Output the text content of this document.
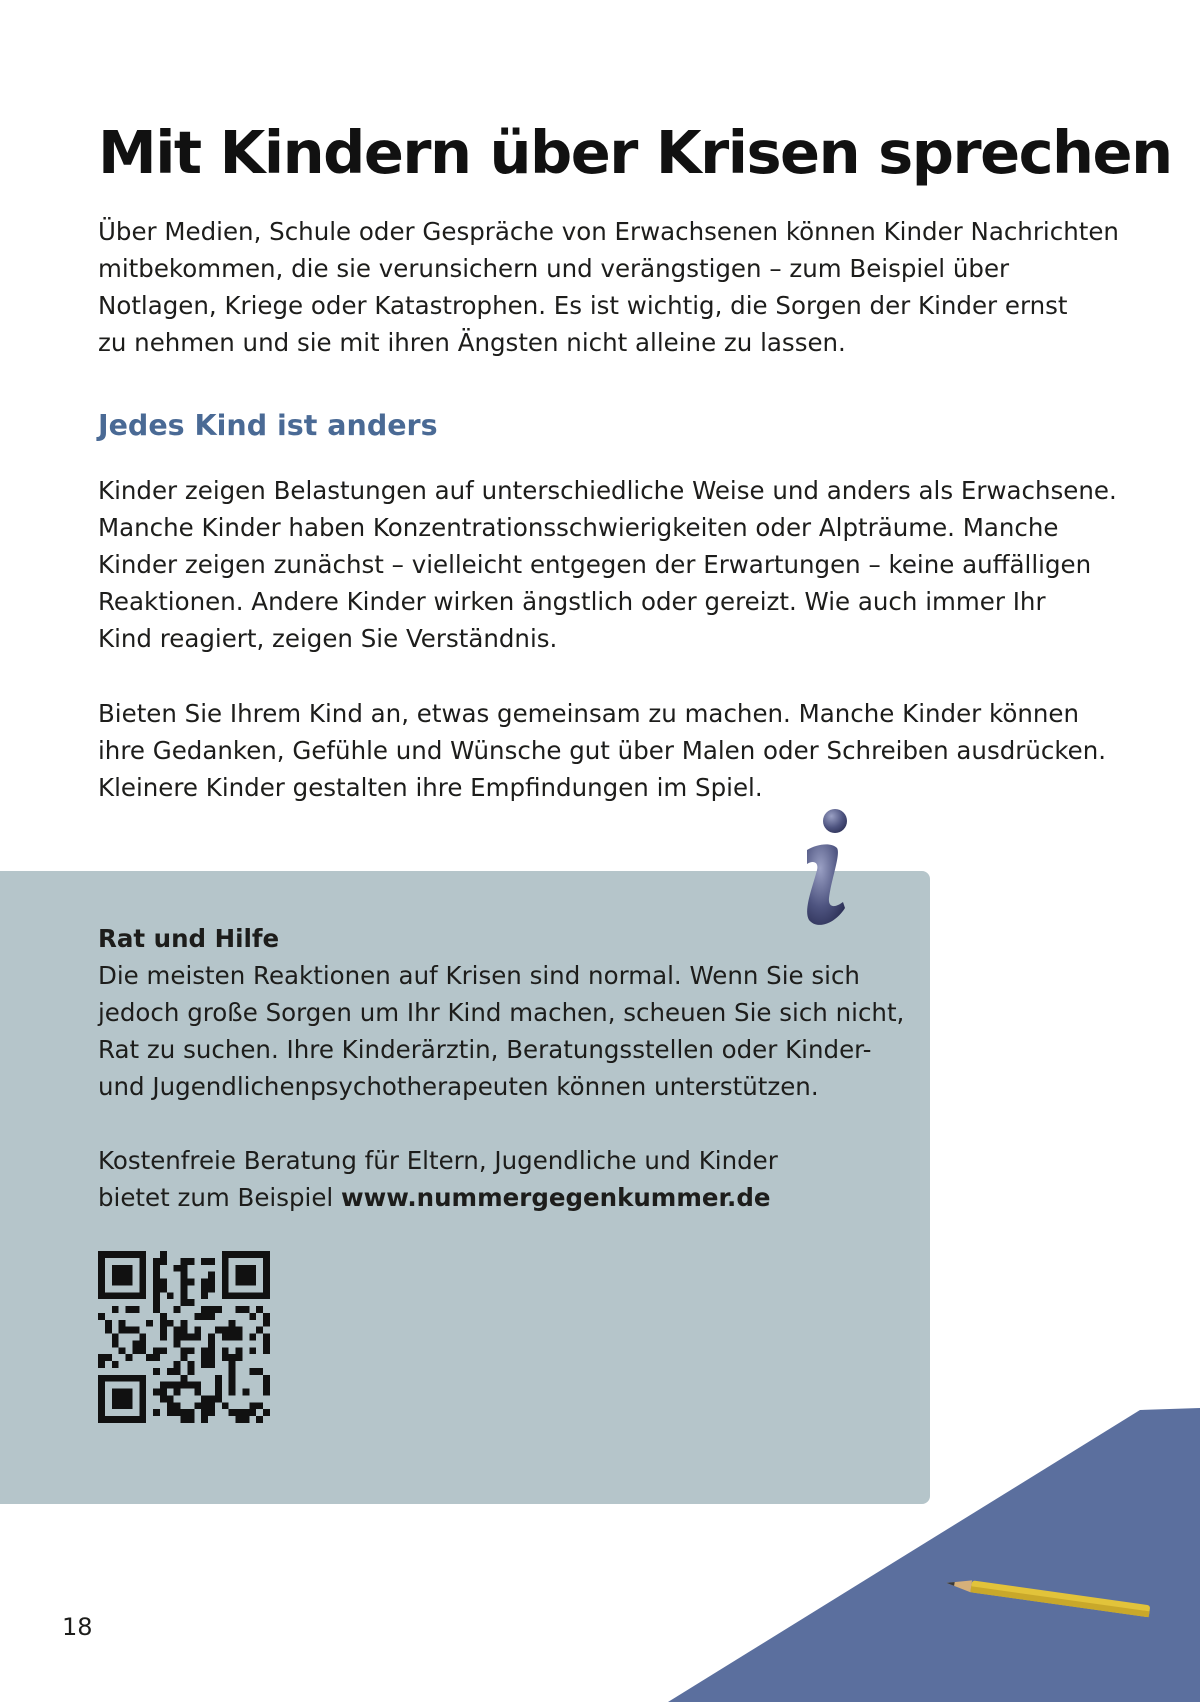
Mit Kindern über Krisen sprechen

Über Medien, Schule oder Gespräche von Erwachsenen können Kinder Nachrichten
mitbekommen, die sie verunsichern und verängstigen – zum Beispiel über
Notlagen, Kriege oder Katastrophen. Es ist wichtig, die Sorgen der Kinder ernst
zu nehmen und sie mit ihren Ängsten nicht alleine zu lassen.

Jedes Kind ist anders

Kinder zeigen Belastungen auf unterschiedliche Weise und anders als Erwachsene.
Manche Kinder haben Konzentrationsschwierigkeiten oder Alpträume. Manche
Kinder zeigen zunächst – vielleicht entgegen der Erwartungen – keine auffälligen
Reaktionen. Andere Kinder wirken ängstlich oder gereizt. Wie auch immer Ihr
Kind reagiert, zeigen Sie Verständnis.

Bieten Sie Ihrem Kind an, etwas gemeinsam zu machen. Manche Kinder können
ihre Gedanken, Gefühle und Wünsche gut über Malen oder Schreiben ausdrücken.
Kleinere Kinder gestalten ihre Empfindungen im Spiel.

Rat und Hilfe
Die meisten Reaktionen auf Krisen sind normal. Wenn Sie sich
jedoch große Sorgen um Ihr Kind machen, scheuen Sie sich nicht,
Rat zu suchen. Ihre Kinderärztin, Beratungsstellen oder Kinder-
und Jugendlichenpsychotherapeuten können unterstützen.

Kostenfreie Beratung für Eltern, Jugendliche und Kinder
bietet zum Beispiel www.nummergegenkummer.de

18
